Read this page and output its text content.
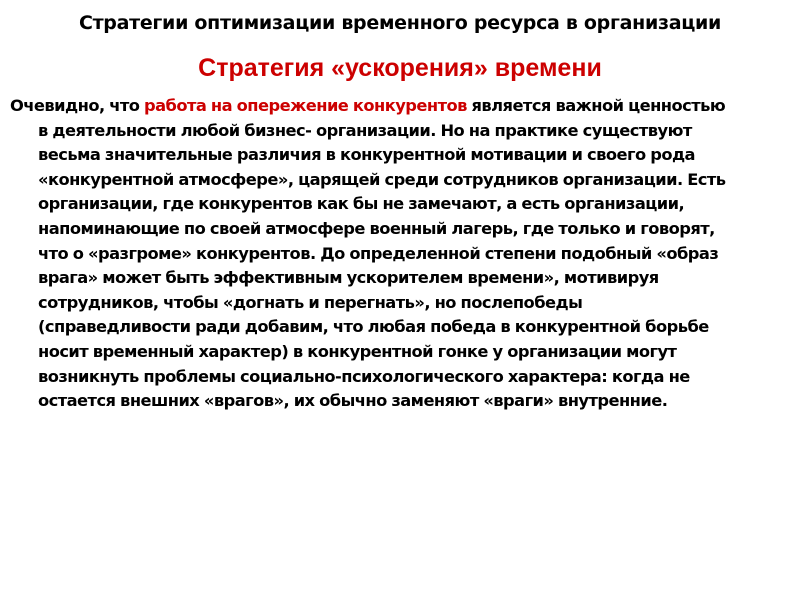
Стратегии оптимизации временного ресурса в организации
Стратегия «ускорения» времени
Очевидно, что работа на опережение конкурентов является важной ценностью
в деятельности любой бизнес- организации. Но на практике существуют
весьма значительные различия в конкурентной мотивации и своего рода
«конкурентной атмосфере», царящей среди сотрудников организации. Есть
организации, где конкурентов как бы не замечают, а есть организации,
напоминающие по своей атмосфере военный лагерь, где только и говорят,
что о «разгроме» конкурентов. До определенной степени подобный «образ
врага» может быть эффективным ускорителем времени», мотивируя
сотрудников, чтобы «догнать и перегнать», но послепобеды
(справедливости ради добавим, что любая победа в конкурентной борьбе
носит временный характер) в конкурентной гонке у организации могут
возникнуть проблемы социально-психологического характера: когда не
остается внешних «врагов», их обычно заменяют «враги» внутренние.
